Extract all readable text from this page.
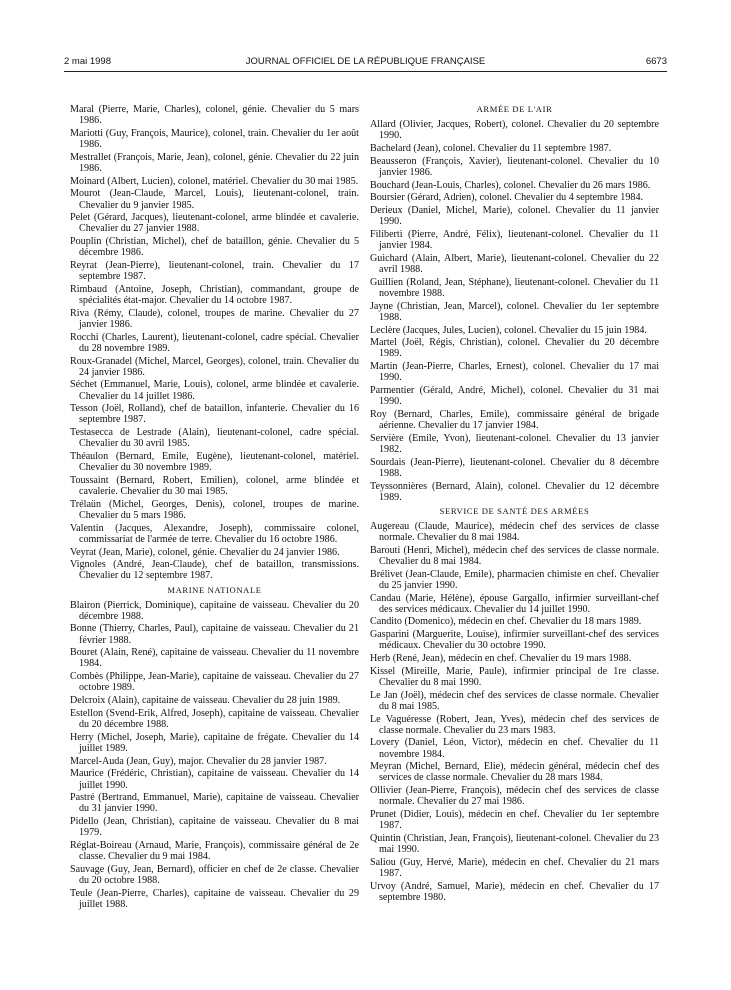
2 mai 1998	JOURNAL OFFICIEL DE LA RÉPUBLIQUE FRANÇAISE	6673
Maral (Pierre, Marie, Charles), colonel, génie. Chevalier du 5 mars 1986.
Mariotti (Guy, François, Maurice), colonel, train. Chevalier du 1er août 1986.
Mestrallet (François, Marie, Jean), colonel, génie. Chevalier du 22 juin 1986.
Moinard (Albert, Lucien), colonel, matériel. Chevalier du 30 mai 1985.
Mourot (Jean-Claude, Marcel, Louis), lieutenant-colonel, train. Chevalier du 9 janvier 1985.
Pelet (Gérard, Jacques), lieutenant-colonel, arme blindée et cavalerie. Chevalier du 27 janvier 1988.
Pouplin (Christian, Michel), chef de bataillon, génie. Chevalier du 5 décembre 1986.
Reyrat (Jean-Pierre), lieutenant-colonel, train. Chevalier du 17 septembre 1987.
Rimbaud (Antoine, Joseph, Christian), commandant, groupe de spécialités état-major. Chevalier du 14 octobre 1987.
Riva (Rémy, Claude), colonel, troupes de marine. Chevalier du 27 janvier 1986.
Rocchi (Charles, Laurent), lieutenant-colonel, cadre spécial. Chevalier du 28 novembre 1989.
Roux-Granadel (Michel, Marcel, Georges), colonel, train. Chevalier du 24 janvier 1986.
Séchet (Emmanuel, Marie, Louis), colonel, arme blindée et cavalerie. Chevalier du 14 juillet 1986.
Tesson (Joël, Rolland), chef de bataillon, infanterie. Chevalier du 16 septembre 1987.
Testasecca de Lestrade (Alain), lieutenant-colonel, cadre spécial. Chevalier du 30 avril 1985.
Théaulon (Bernard, Emile, Eugène), lieutenant-colonel, matériel. Chevalier du 30 novembre 1989.
Toussaint (Bernard, Robert, Emilien), colonel, arme blindée et cavalerie. Chevalier du 30 mai 1985.
Trélaün (Michel, Georges, Denis), colonel, troupes de marine. Chevalier du 5 mars 1986.
Valentin (Jacques, Alexandre, Joseph), commissaire colonel, commissariat de l'armée de terre. Chevalier du 16 octobre 1986.
Veyrat (Jean, Marie), colonel, génie. Chevalier du 24 janvier 1986.
Vignoles (André, Jean-Claude), chef de bataillon, transmissions. Chevalier du 12 septembre 1987.
MARINE NATIONALE
Blairon (Pierrick, Dominique), capitaine de vaisseau. Chevalier du 20 décembre 1988.
Bonne (Thierry, Charles, Paul), capitaine de vaisseau. Chevalier du 21 février 1988.
Bouret (Alain, René), capitaine de vaisseau. Chevalier du 11 novembre 1984.
Combès (Philippe, Jean-Marie), capitaine de vaisseau. Chevalier du 27 octobre 1989.
Delcroix (Alain), capitaine de vaisseau. Chevalier du 28 juin 1989.
Estellon (Svend-Erik, Alfred, Joseph), capitaine de vaisseau. Chevalier du 20 décembre 1988.
Herry (Michel, Joseph, Marie), capitaine de frégate. Chevalier du 14 juillet 1989.
Marcel-Auda (Jean, Guy), major. Chevalier du 28 janvier 1987.
Maurice (Frédéric, Christian), capitaine de vaisseau. Chevalier du 14 juillet 1990.
Pastré (Bertrand, Emmanuel, Marie), capitaine de vaisseau. Chevalier du 31 janvier 1990.
Pidello (Jean, Christian), capitaine de vaisseau. Chevalier du 8 mai 1979.
Réglat-Boireau (Arnaud, Marie, François), commissaire général de 2e classe. Chevalier du 9 mai 1984.
Sauvage (Guy, Jean, Bernard), officier en chef de 2e classe. Chevalier du 20 octobre 1988.
Teule (Jean-Pierre, Charles), capitaine de vaisseau. Chevalier du 29 juillet 1988.
ARMÉE DE L'AIR
Allard (Olivier, Jacques, Robert), colonel. Chevalier du 20 septembre 1990.
Bachelard (Jean), colonel. Chevalier du 11 septembre 1987.
Beausseron (François, Xavier), lieutenant-colonel. Chevalier du 10 janvier 1986.
Bouchard (Jean-Louis, Charles), colonel. Chevalier du 26 mars 1986.
Boursier (Gérard, Adrien), colonel. Chevalier du 4 septembre 1984.
Derieux (Daniel, Michel, Marie), colonel. Chevalier du 11 janvier 1990.
Filiberti (Pierre, André, Félix), lieutenant-colonel. Chevalier du 11 janvier 1984.
Guichard (Alain, Albert, Marie), lieutenant-colonel. Chevalier du 22 avril 1988.
Guillien (Roland, Jean, Stéphane), lieutenant-colonel. Chevalier du 11 novembre 1988.
Jayne (Christian, Jean, Marcel), colonel. Chevalier du 1er septembre 1988.
Leclère (Jacques, Jules, Lucien), colonel. Chevalier du 15 juin 1984.
Martel (Joël, Régis, Christian), colonel. Chevalier du 20 décembre 1989.
Martin (Jean-Pierre, Charles, Ernest), colonel. Chevalier du 17 mai 1990.
Parmentier (Gérald, André, Michel), colonel. Chevalier du 31 mai 1990.
Roy (Bernard, Charles, Emile), commissaire général de brigade aérienne. Chevalier du 17 janvier 1984.
Servière (Emile, Yvon), lieutenant-colonel. Chevalier du 13 janvier 1982.
Sourdais (Jean-Pierre), lieutenant-colonel. Chevalier du 8 décembre 1988.
Teyssonnières (Bernard, Alain), colonel. Chevalier du 12 décembre 1989.
SERVICE DE SANTÉ DES ARMÉES
Augereau (Claude, Maurice), médecin chef des services de classe normale. Chevalier du 8 mai 1984.
Barouti (Henri, Michel), médecin chef des services de classe normale. Chevalier du 8 mai 1984.
Brélivet (Jean-Claude, Emile), pharmacien chimiste en chef. Chevalier du 25 janvier 1990.
Candau (Marie, Hélène), épouse Gargallo, infirmier surveillant-chef des services médicaux. Chevalier du 14 juillet 1990.
Candito (Domenico), médecin en chef. Chevalier du 18 mars 1989.
Gasparini (Marguerite, Louise), infirmier surveillant-chef des services médicaux. Chevalier du 30 octobre 1990.
Herb (René, Jean), médecin en chef. Chevalier du 19 mars 1988.
Kissel (Mireille, Marie, Paule), infirmier principal de 1re classe. Chevalier du 8 mai 1990.
Le Jan (Joël), médecin chef des services de classe normale. Chevalier du 8 mai 1985.
Le Vaguéresse (Robert, Jean, Yves), médecin chef des services de classe normale. Chevalier du 23 mars 1983.
Lovery (Daniel, Léon, Victor), médecin en chef. Chevalier du 11 novembre 1984.
Meyran (Michel, Bernard, Elie), médecin général, médecin chef des services de classe normale. Chevalier du 28 mars 1984.
Ollivier (Jean-Pierre, François), médecin chef des services de classe normale. Chevalier du 27 mai 1986.
Prunet (Didier, Louis), médecin en chef. Chevalier du 1er septembre 1987.
Quintin (Christian, Jean, François), lieutenant-colonel. Chevalier du 23 mai 1990.
Saliou (Guy, Hervé, Marie), médecin en chef. Chevalier du 21 mars 1987.
Urvoy (André, Samuel, Marie), médecin en chef. Chevalier du 17 septembre 1980.
